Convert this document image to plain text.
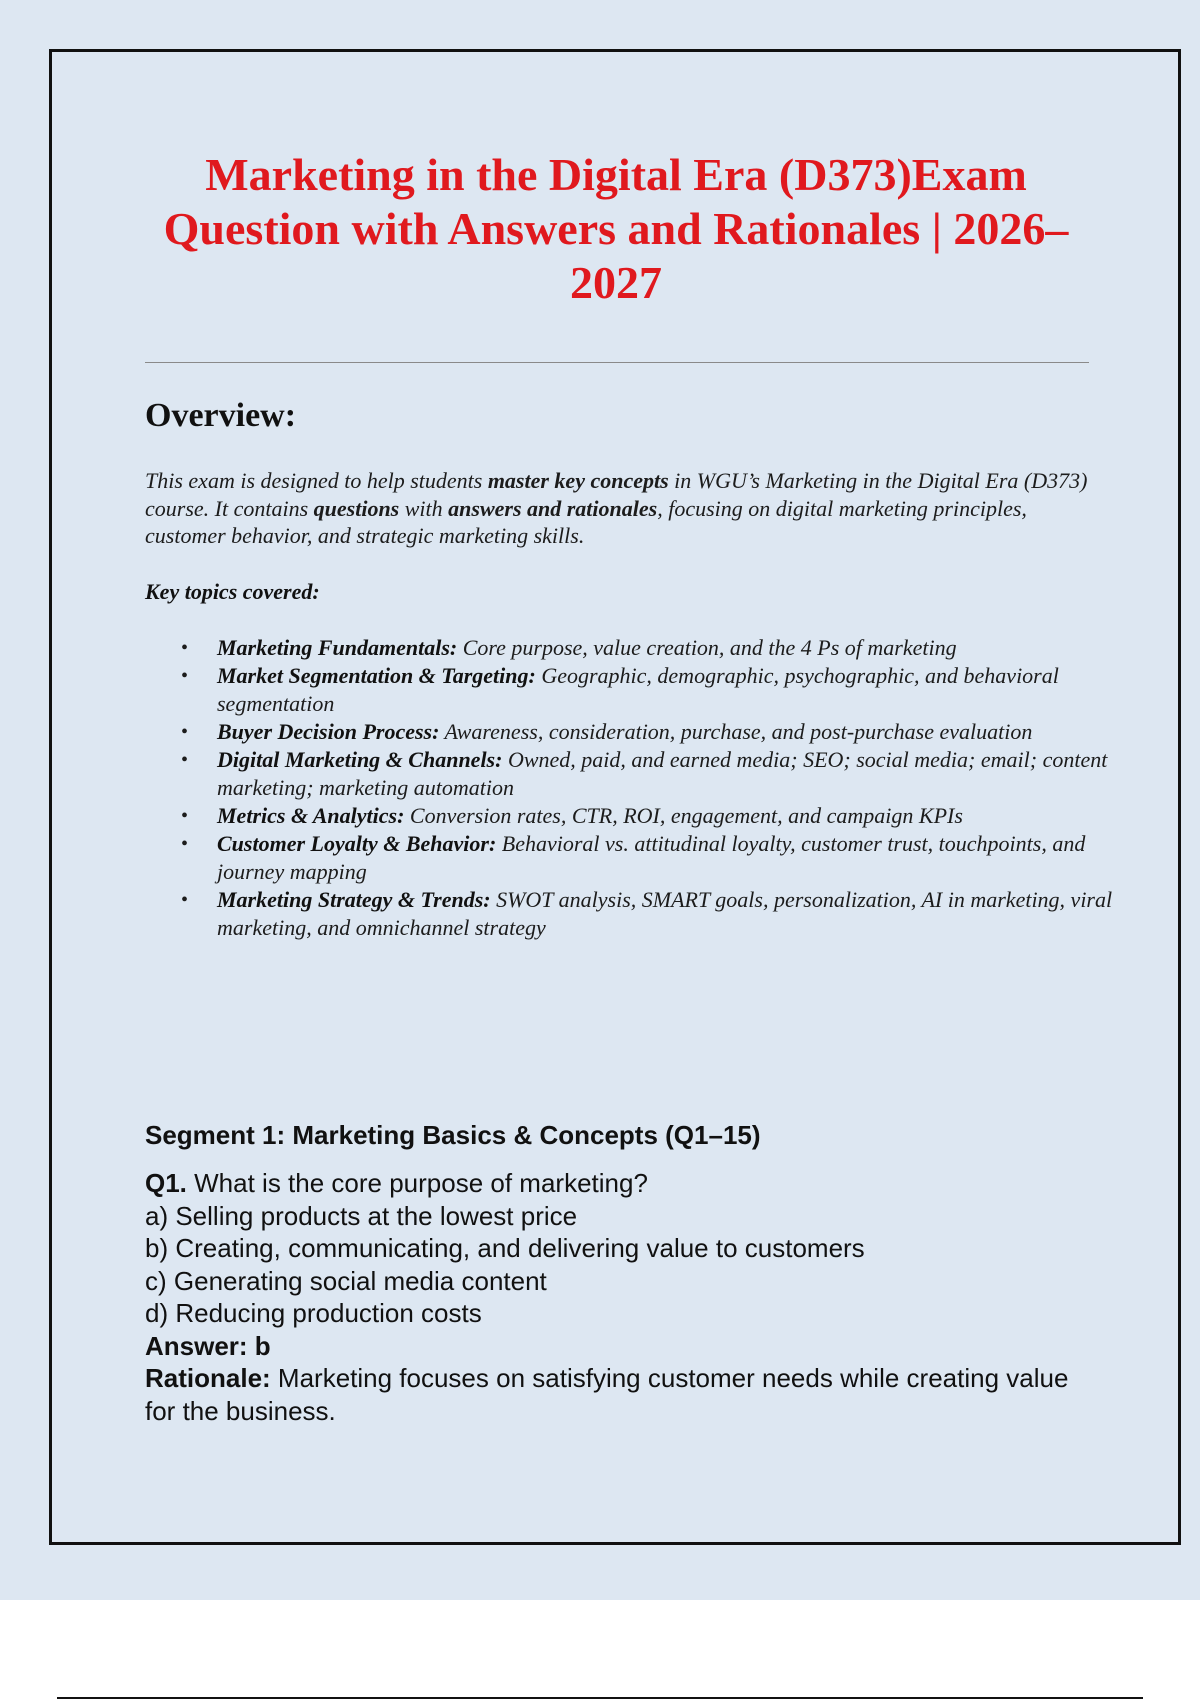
Marketing in the Digital Era (D373)Exam Question with Answers and Rationales | 2026–2027
Overview:

This exam is designed to help students master key concepts in WGU’s Marketing in the Digital Era (D373) course. It contains questions with answers and rationales, focusing on digital marketing principles, customer behavior, and strategic marketing skills.

Key topics covered:

• Marketing Fundamentals: Core purpose, value creation, and the 4 Ps of marketing
• Market Segmentation & Targeting: Geographic, demographic, psychographic, and behavioral segmentation
• Buyer Decision Process: Awareness, consideration, purchase, and post-purchase evaluation
• Digital Marketing & Channels: Owned, paid, and earned media; SEO; social media; email; content marketing; marketing automation
• Metrics & Analytics: Conversion rates, CTR, ROI, engagement, and campaign KPIs
• Customer Loyalty & Behavior: Behavioral vs. attitudinal loyalty, customer trust, touchpoints, and journey mapping
• Marketing Strategy & Trends: SWOT analysis, SMART goals, personalization, AI in marketing, viral marketing, and omnichannel strategy
Segment 1: Marketing Basics & Concepts (Q1–15)

Q1. What is the core purpose of marketing?

a) Selling products at the lowest price

b) Creating, communicating, and delivering value to customers

c) Generating social media content

d) Reducing production costs

Answer: b

Rationale: Marketing focuses on satisfying customer needs while creating value for the business.
